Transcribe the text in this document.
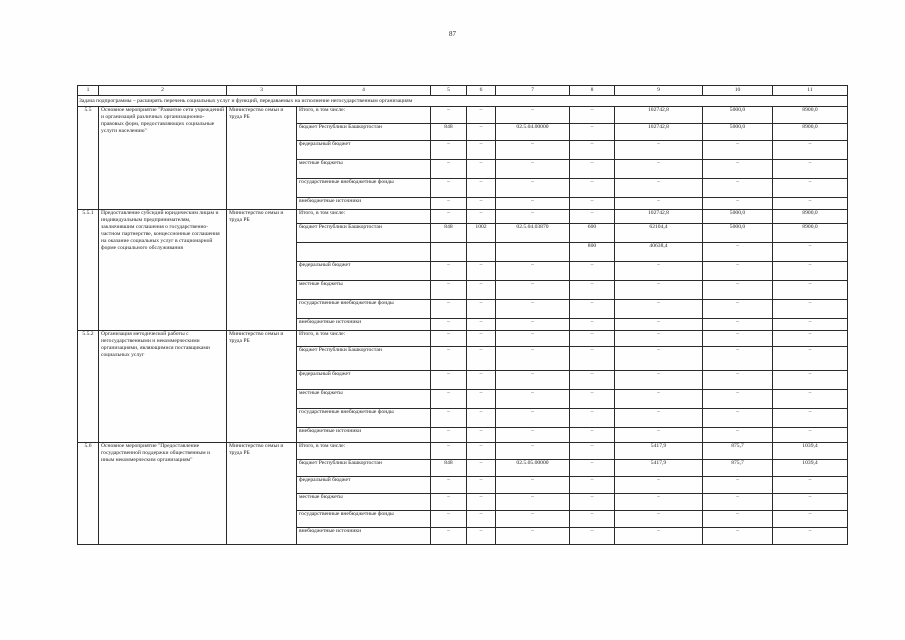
87
1	2	3	4	5	6	7	8	9	10	11
Задача подпрограммы – расширять перечень социальных услуг и функций, передаваемых на исполнение негосударственным организациям										
5.5	Основное мероприятие "Развитие сети учреждений и организаций различных организационно-правовых форм, предоставляющих социальные услуги населению"	Министерство семьи и труда РБ	Итого, в том числе:	–	–	–	–	102742,8	5000,0	8900,0
			бюджет Республики Башкортостан	848	–	02.5.04.00000	–	102742,8	5000,0	8900,0
			федеральный бюджет	–	–	–	–	–	–	–
			местные бюджеты	–	–	–	–	–	–	–
			государственные внебюджетные фонды	–	–	–	–	–	–	–
			внебюджетные источники	–	–	–	–	–	–	–
5.5.1	Предоставление субсидий юридическим лицам и индивидуальным предпринимателям, заключившим соглашения о государственно-частном партнерстве, концессионные соглашения на оказание социальных услуг в стационарной форме социального обслуживания	Министерство семьи и труда РБ	Итого, в том числе:	–	–	–	–	102742,8	5000,0	8900,0
			бюджет Республики Башкортостан	848	1002	02.5.04.03870	600	62104,4	5000,0	8900,0
							800	40638,4	–	–
			федеральный бюджет	–	–	–	–	–	–	–
			местные бюджеты	–	–	–	–	–	–	–
			государственные внебюджетные фонды	–	–	–	–	–	–	–
			внебюджетные источники	–	–	–	–	–	–	–
5.5.2	Организация методической работы с негосударственными и некоммерческими организациями, являющимися поставщиками социальных услуг	Министерство семьи и труда РБ	Итого, в том числе:	–	–	–	–	–	–	–
			бюджет Республики Башкортостан	–	–	–	–	–	–	–
			федеральный бюджет	–	–	–	–	–	–	–
			местные бюджеты	–	–	–	–	–	–	–
			государственные внебюджетные фонды	–	–	–	–	–	–	–
			внебюджетные источники	–	–	–	–	–	–	–
5.6	Основное мероприятие "Предоставление государственной поддержки общественным и иным некоммерческим организациям"	Министерство семьи и труда РБ	Итого, в том числе:	–	–	–	–	5417,9	875,7	1039,4
			бюджет Республики Башкортостан	848	–	02.5.05.00000	–	5417,9	875,7	1039,4
			федеральный бюджет	–	–	–	–	–	–	–
			местные бюджеты	–	–	–	–	–	–	–
			государственные внебюджетные фонды	–	–	–	–	–	–	–
			внебюджетные источники	–	–	–	–	–	–	–
